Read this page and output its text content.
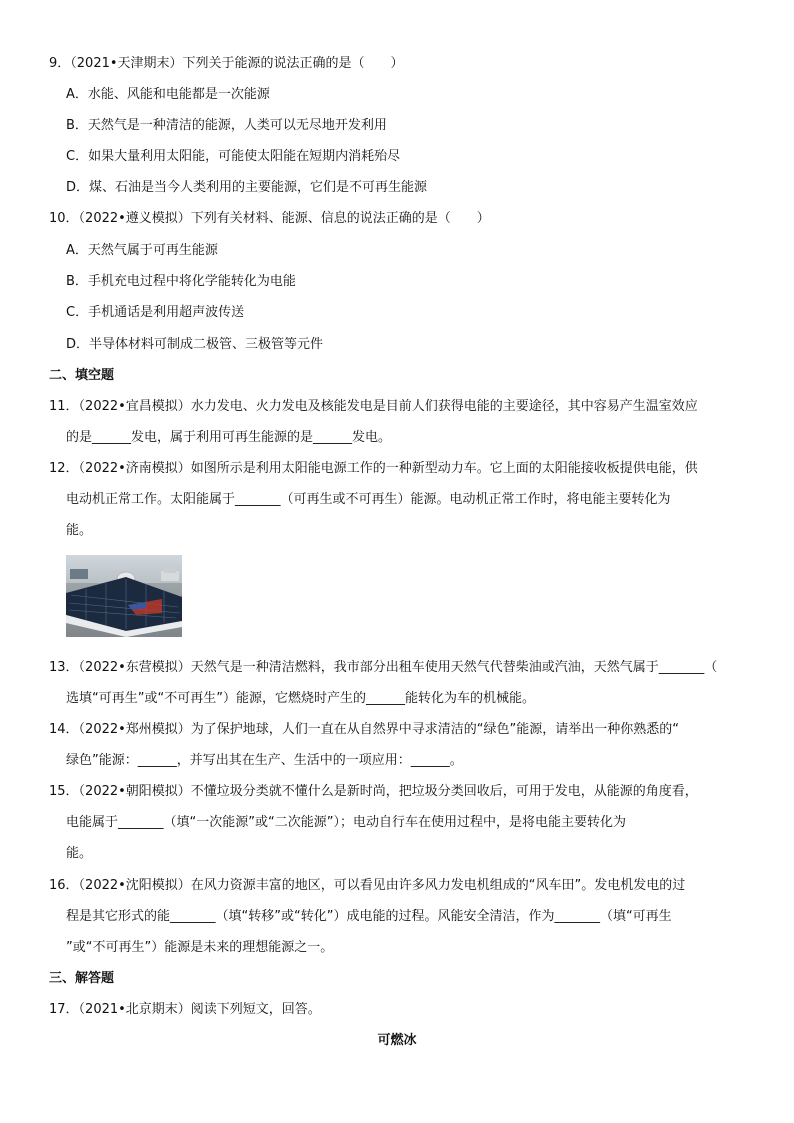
9．（2021•天津期末）下列关于能源的说法正确的是（　　）
A．水能、风能和电能都是一次能源
B．天然气是一种清洁的能源，人类可以无尽地开发利用
C．如果大量利用太阳能，可能使太阳能在短期内消耗殆尽
D．煤、石油是当今人类利用的主要能源，它们是不可再生能源
10．（2022•遵义模拟）下列有关材料、能源、信息的说法正确的是（　　）
A．天然气属于可再生能源
B．手机充电过程中将化学能转化为电能
C．手机通话是利用超声波传送
D．半导体材料可制成二极管、三极管等元件
二、填空题
11．（2022•宜昌模拟）水力发电、火力发电及核能发电是目前人们获得电能的主要途径，其中容易产生温室效应
的是______发电，属于利用可再生能源的是______发电。
12．（2022•济南模拟）如图所示是利用太阳能电源工作的一种新型动力车。它上面的太阳能接收板提供电能，供
电动机正常工作。太阳能属于_______（可再生或不可再生）能源。电动机正常工作时，将电能主要转化为
能。
13．（2022•东营模拟）天然气是一种清洁燃料，我市部分出租车使用天然气代替柴油或汽油，天然气属于_______（
选填“可再生”或“不可再生”）能源，它燃烧时产生的______能转化为车的机械能。
14．（2022•郑州模拟）为了保护地球，人们一直在从自然界中寻求清洁的“绿色”能源，请举出一种你熟悉的“
绿色”能源：______，并写出其在生产、生活中的一项应用：______。
15．（2022•朝阳模拟）不懂垃圾分类就不懂什么是新时尚，把垃圾分类回收后，可用于发电，从能源的角度看，
电能属于_______（填“一次能源”或“二次能源”）；电动自行车在使用过程中，是将电能主要转化为
能。
16．（2022•沈阳模拟）在风力资源丰富的地区，可以看见由许多风力发电机组成的“风车田”。发电机发电的过
程是其它形式的能_______（填“转移”或“转化”）成电能的过程。风能安全清洁，作为_______（填“可再生
”或“不可再生”）能源是未来的理想能源之一。
三、解答题
17．（2021•北京期末）阅读下列短文，回答。
可燃冰
